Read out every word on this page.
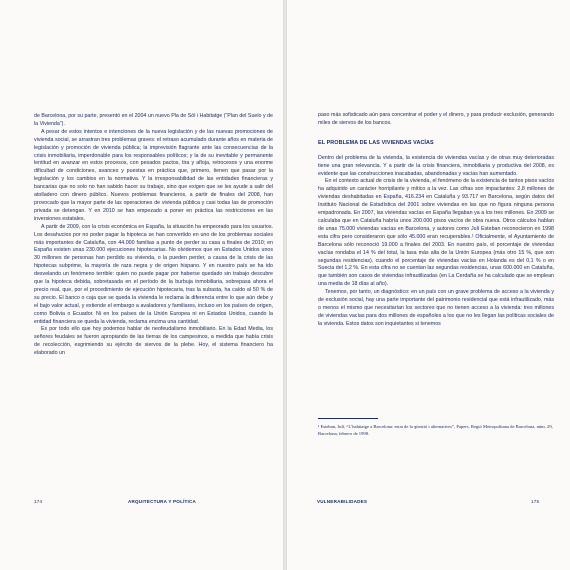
de Barcelona, por su parte, presentó en el 2004 un nuevo Pla de Sòl i Habitatge (“Plan del Suelo y de la Vivienda”).

A pesar de estos intentos e intenciones de la nueva legislación y de las nuevas promociones de vivienda social, se arrastran tres problemas graves: el retraso acumulado durante años en materia de legislación y promoción de vivienda pública; la imprevisión flagrante ante las consecuencias de la crisis inmobiliaria, imperdonable para los responsables políticos; y la de su inevitable y permanente lentitud en avanzar en estos procesos, con pesados pactos, tira y afloja, retrocesos y una enorme dificultad de condiciones, avances y puestas en práctica que, primero, tienen que pasar por la legislación y los cambios en la normativa. Y la irresponsabilidad de las entidades financieras y bancarias que no solo no han sabido hacer su trabajo, sino que exigen que se les ayude a salir del atolladero con dinero público. Nuevos problemas financieros, a partir de finales del 2008, han provocado que la mayor parte de las operaciones de vivienda pública y casi todas las de promoción privada se detengan. Y en 2010 se han empezado a poner en práctica las restricciones en las inversiones estatales.

A partir de 2009, con la crisis económica en España, la situación ha empeorado para los usuarios. Los desahucios por no poder pagar la hipoteca se han convertido en uno de los problemas sociales más importantes de Cataluña, con 44.000 familias a punto de perder su casa a finales de 2010; en España existen unas 230.000 ejecuciones hipotecarias. No olvidemos que en Estados Unidos unos 30 millones de personas han perdido su vivienda, o la pueden perder, a causa de la crisis de las hipotecas subprime, la mayoría de raza negra y de origen hispano. Y en nuestro país se ha ido desvelando un fenómeno terrible: quien no puede pagar por haberse quedado sin trabajo descubre que la hipoteca debida, sobretasada en el período de la burbuja inmobiliaria, sobrepasa ahora el precio real, que, por el procedimiento de ejecución hipotecaria, tras la subasta, ha caído al 50 % de su precio. El banco o caja que se queda la vivienda le reclama la diferencia entre lo que aún debe y el bajo valor actual, y extiende el embargo a avaladores y familiares, incluso en los países de origen, como Bolivia o Ecuador. Ni en los países de la Unión Europea ni en Estados Unidos, cuando la entidad financiera se queda la vivienda, reclama encima una cantidad.

Es por todo ello que hoy podemos hablar de neofeudalismo inmobiliario. En la Edad Media, los señores feudales se fueron apropiando de las tierras de los campesinos, a medida que había crisis de recolección, esgrimiendo su ejército de siervos de la plebe. Hoy, el sistema financiero ha elaborado un

174	ARQUITECTURA Y POLÍTICA

paso más sofisticado aún para concentrar el poder y el dinero, y para producir exclusión, generando miles de siervos de los bancos.

EL PROBLEMA DE LAS VIVIENDAS VACÍAS

Dentro del problema de la vivienda, la existencia de viviendas vacías y de otras muy deterioradas tiene una gran relevancia. Y a partir de la crisis financiera, inmobiliaria y productiva del 2008, es evidente que las construcciones inacabadas, abandonadas y vacías han aumentado.

En el contexto actual de crisis de la vivienda, el fenómeno de la existencia de tantos pisos vacíos ha adquirido un carácter horripilante y mítico a la vez. Las cifras son impactantes: 2,8 millones de viviendas deshabitadas en España, 416.234 en Cataluña y 93.717 en Barcelona, según datos del Instituto Nacional de Estadística del 2001 sobre viviendas en las que no figura ninguna persona empadronada. En 2007, las viviendas vacías en España llegaban ya a los tres millones. En 2009 se calculaba que en Cataluña habría unos 200.000 pisos vacíos de obra nueva. Otros cálculos hablan de unas 75.000 viviendas vacías en Barcelona, y autores como Julí Esteban reconocieron en 1998 esta cifra pero consideraron que sólo 45.000 eran recuperables.¹ Oficialmente, el Ayuntamiento de Barcelona sólo reconoció 19.000 a finales del 2003. En nuestro país, el porcentaje de viviendas vacías rondaba el 14 % del total, la tasa más alta de la Unión Europea (más otro 15 %, que son segundas residencias), cuando el porcentaje de viviendas vacías en Holanda es del 0,1 % o en Suecia del 1,2 %. En esta cifra no se cuentan las segundas residencias, unas 600.000 en Cataluña, que también son casos de viviendas infrautilizadas (en La Cerdaña se ha calculado que se emplean una media de 18 días al año).

Tenemos, por tanto, un diagnóstico: en un país con un grave problema de acceso a la vivienda y de exclusión social, hay una parte importante del patrimonio residencial que está infrautilizado, más o menos el mismo que necesitarían los sectores que no tienen acceso a la vivienda: tres millones de viviendas vacías para dos millones de españoles a los que no les llegan las políticas sociales de la vivienda. Estos datos son inquietantes si tenemos

¹ Esteban, Julí, “L’habitatge a Barcelona: estat de la qüestió i alternatives”, Papers. Regió Metropolitana de Barcelona, núm. 29, Barcelona, febrero de 1998.
VULNERABILIDADES	175
